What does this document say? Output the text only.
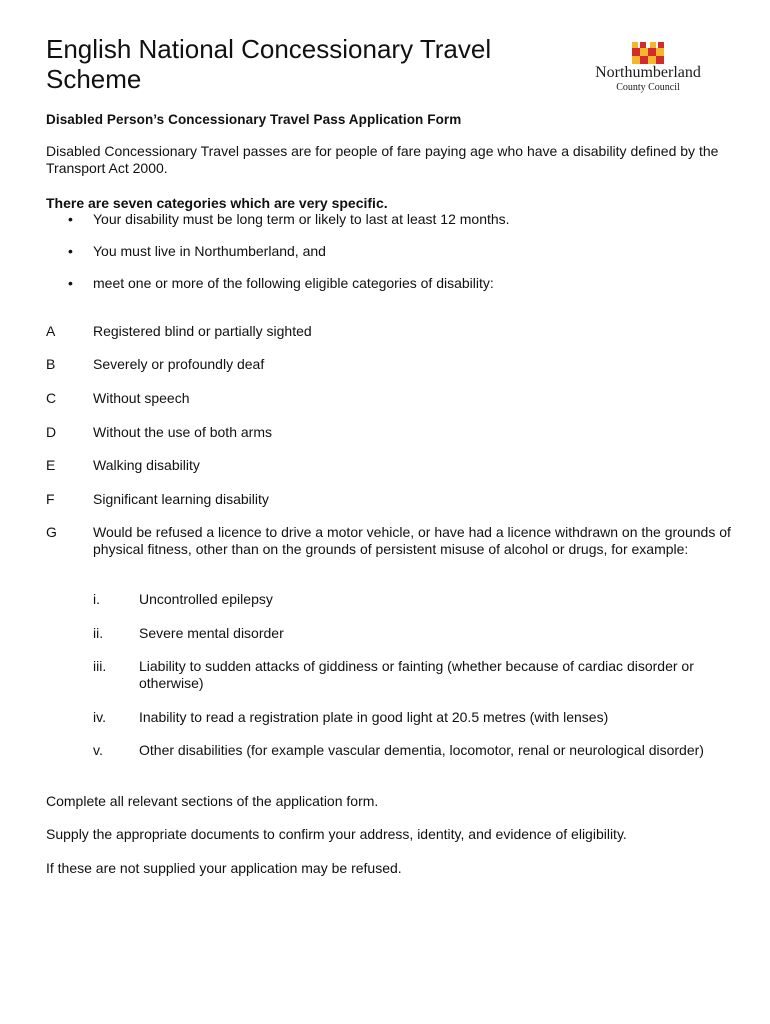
English National Concessionary Travel
Scheme	Northumberland
County Council
Disabled Person’s Concessionary Travel Pass Application Form
Disabled Concessionary Travel passes are for people of fare paying age who have a disability defined by the Transport Act 2000.
There are seven categories which are very specific.
• Your disability must be long term or likely to last at least 12 months.
• You must live in Northumberland, and
• meet one or more of the following eligible categories of disability:
A	Registered blind or partially sighted
B	Severely or profoundly deaf
C	Without speech
D	Without the use of both arms
E	Walking disability
F	Significant learning disability
G	Would be refused a licence to drive a motor vehicle, or have had a licence withdrawn on the grounds of physical fitness, other than on the grounds of persistent misuse of alcohol or drugs, for example:
i.	Uncontrolled epilepsy
ii.	Severe mental disorder
iii. Liability to sudden attacks of giddiness or fainting (whether because of cardiac disorder or otherwise)
iv. Inability to read a registration plate in good light at 20.5 metres (with lenses)
v.	Other disabilities (for example vascular dementia, locomotor, renal or neurological disorder)
Complete all relevant sections of the application form.
Supply the appropriate documents to confirm your address, identity, and evidence of eligibility.
If these are not supplied your application may be refused.
